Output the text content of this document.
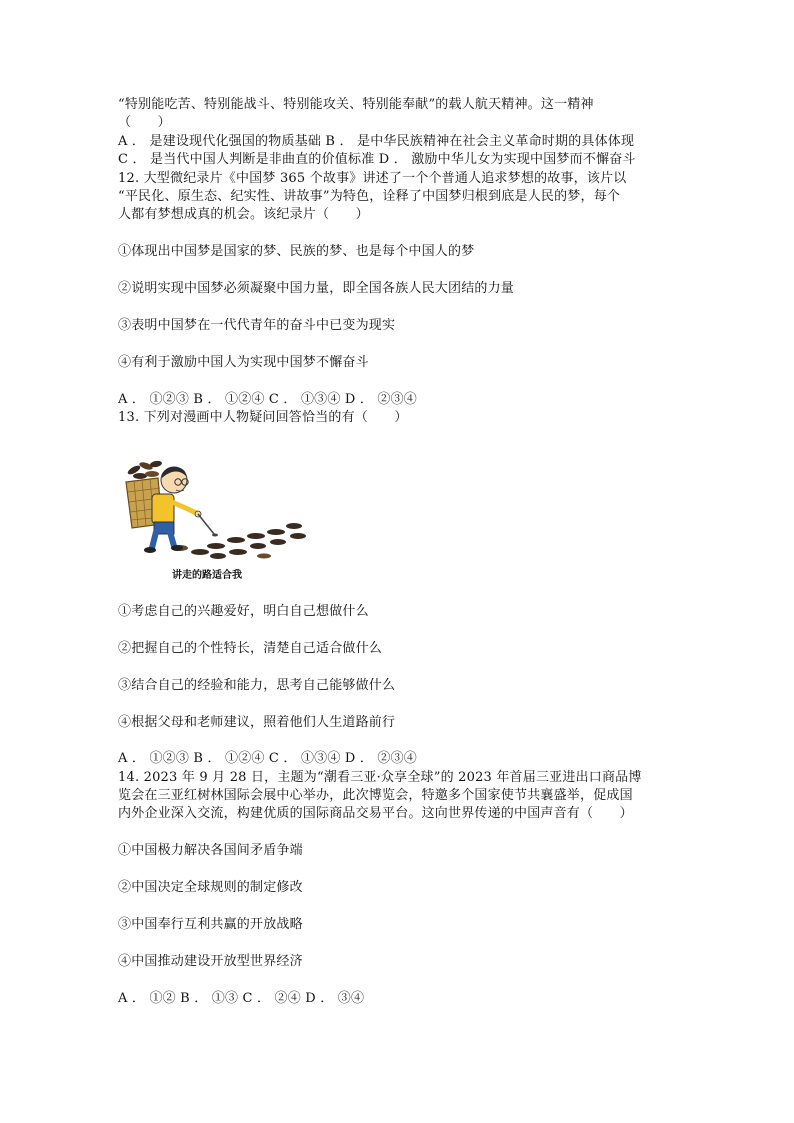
“特别能吃苦、特别能战斗、特别能攻关、特别能奉献”的载人航天精神。这一精神
（　　）
A ． 是建设现代化强国的物质基础 B ． 是中华民族精神在社会主义革命时期的具体体现
C ． 是当代中国人判断是非曲直的价值标准 D ． 激励中华儿女为实现中国梦而不懈奋斗
12. 大型微纪录片《中国梦 365 个故事》讲述了一个个普通人追求梦想的故事，该片以
“平民化、原生态、纪实性、讲故事”为特色，诠释了中国梦归根到底是人民的梦，每个
人都有梦想成真的机会。该纪录片（　　）
①体现出中国梦是国家的梦、民族的梦、也是每个中国人的梦
②说明实现中国梦必须凝聚中国力量，即全国各族人民大团结的力量
③表明中国梦在一代代青年的奋斗中已变为现实
④有利于激励中国人为实现中国梦不懈奋斗
A ． ①②③ B ． ①②④ C ． ①③④ D ． ②③④
13. 下列对漫画中人物疑问回答恰当的有（　　）
讲走的路适合我
①考虑自己的兴趣爱好，明白自己想做什么
②把握自己的个性特长，清楚自己适合做什么
③结合自己的经验和能力，思考自己能够做什么
④根据父母和老师建议，照着他们人生道路前行
A ． ①②③ B ． ①②④ C ． ①③④ D ． ②③④
14. 2023 年 9 月 28 日，主题为“潮看三亚·众享全球”的 2023 年首届三亚进出口商品博
览会在三亚红树林国际会展中心举办，此次博览会，特邀多个国家使节共襄盛举，促成国
内外企业深入交流，构建优质的国际商品交易平台。这向世界传递的中国声音有（　　）
①中国极力解决各国间矛盾争端
②中国决定全球规则的制定修改
③中国奉行互利共赢的开放战略
④中国推动建设开放型世界经济
A ． ①② B ． ①③ C ． ②④ D ． ③④
